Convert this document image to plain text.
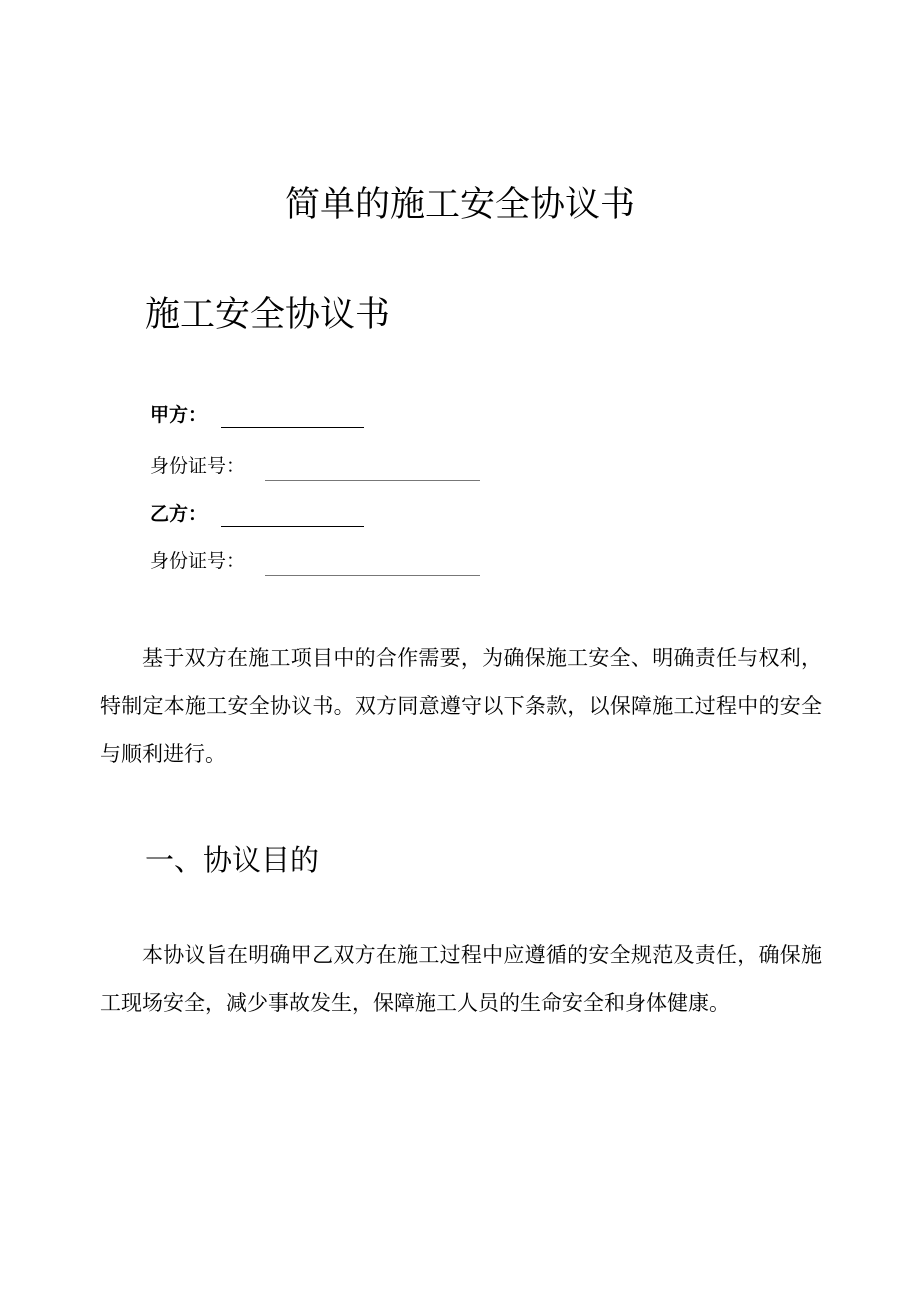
简单的施工安全协议书
施工安全协议书
甲方：
身份证号：
乙方：
身份证号：

基于双方在施工项目中的合作需要，为确保施工安全、明确责任与权利，特制定本施工安全协议书。双方同意遵守以下条款，以保障施工过程中的安全与顺利进行。

一、协议目的

本协议旨在明确甲乙双方在施工过程中应遵循的安全规范及责任，确保施工现场安全，减少事故发生，保障施工人员的生命安全和身体健康。
